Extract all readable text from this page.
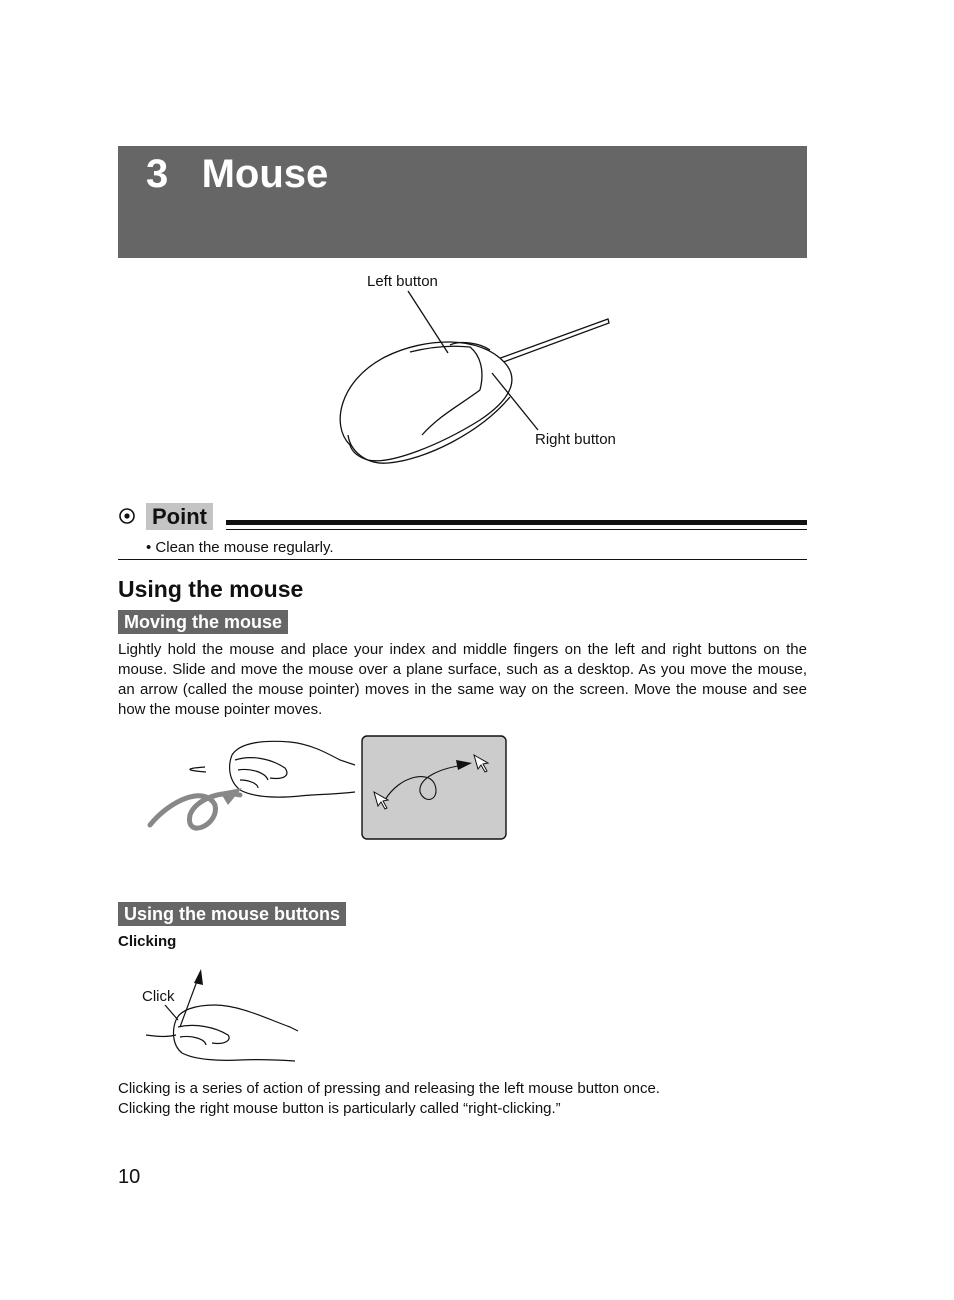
3   Mouse
Left button
Right button
Point
• Clean the mouse regularly.
Using the mouse
Moving the mouse
Lightly hold the mouse and place your index and middle fingers on the left and right buttons on the mouse. Slide and move the mouse over a plane surface, such as a desktop. As you move the mouse, an arrow (called the mouse pointer) moves in the same way on the screen. Move the mouse and see how the mouse pointer moves.
Using the mouse buttons
Clicking
Click
Clicking is a series of action of pressing and releasing the left mouse button once.
Clicking the right mouse button is particularly called “right-clicking.”
10
